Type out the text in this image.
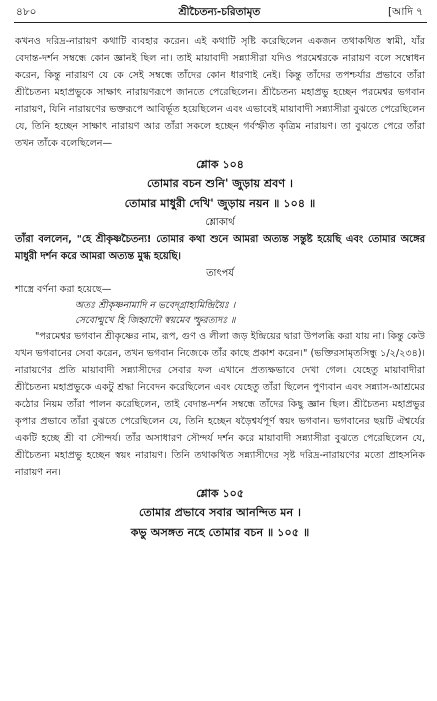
৪৮০	শ্রীচৈতন্য-চরিতামৃত	[আদি ৭

কখনও দরিদ্র-নারায়ণ কথাটি ব্যবহার করেন। এই কথাটি সৃষ্টি করেছিলেন একজন তথাকথিত স্বামী, যাঁর বেদান্ত-দর্শন সম্বন্ধে কোন জ্ঞানই ছিল না। তাই মায়াবাদী সন্ন্যাসীরা যদিও পরমেশ্বরকে নারায়ণ বলে সম্বোধন করেন, কিন্তু নারায়ণ যে কে সেই সম্বন্ধে তাঁদের কোন ধারণাই নেই। কিন্তু তাঁদের তপশ্চর্যার প্রভাবে তাঁরা শ্রীচৈতন্য মহাপ্রভুকে সাক্ষাৎ নারায়ণরূপে জানতে পেরেছিলেন। শ্রীচৈতন্য মহাপ্রভু হচ্ছেন পরমেশ্বর ভগবান নারায়ণ, যিনি নারায়ণের ভক্তরূপে আবির্ভূত হয়েছিলেন এবং এভাবেই মায়াবাদী সন্ন্যাসীরা বুঝতে পেরেছিলেন যে, তিনি হচ্ছেন সাক্ষাৎ নারায়ণ আর তাঁরা সকলে হচ্ছেন গর্বস্ফীত কৃত্রিম নারায়ণ। তা বুঝতে পেরে তাঁরা তখন তাঁকে বলেছিলেন—

শ্লোক ১০৪
তোমার বচন শুনি' জুড়ায় শ্রবণ ।
তোমার মাধুরী দেখি' জুড়ায় নয়ন ॥ ১০৪ ॥
শ্লোকার্থ
তাঁরা বললেন, "হে শ্রীকৃষ্ণচৈতন্য! তোমার কথা শুনে আমরা অত্যন্ত সন্তুষ্ট হয়েছি এবং তোমার অঙ্গের মাধুরী দর্শন করে আমরা অত্যন্ত মুগ্ধ হয়েছি।
তাৎপর্য
শাস্ত্রে বর্ণনা করা হয়েছে—
অতঃ শ্রীকৃষ্ণনামাদি ন ভবেদ্‌গ্রাহ্যমিন্দ্রিয়ৈঃ ।
সেবোন্মুখে হি জিহ্বাদৌ স্বয়মেব স্ফুরত্যদঃ ॥

"পরমেশ্বর ভগবান শ্রীকৃষ্ণের নাম, রূপ, গুণ ও লীলা জড় ইন্দ্রিয়ের দ্বারা উপলব্ধি করা যায় না। কিন্তু কেউ যখন ভগবানের সেবা করেন, তখন ভগবান নিজেকে তাঁর কাছে প্রকাশ করেন।" (ভক্তিরসামৃতসিন্ধু ১/২/২৩৪)। নারায়ণের প্রতি মায়াবাদী সন্ন্যাসীদের সেবার ফল এখানে প্রত্যক্ষভাবে দেখা গেল। যেহেতু মায়াবাদীরা শ্রীচৈতন্য মহাপ্রভুকে একটু শ্রদ্ধা নিবেদন করেছিলেন এবং যেহেতু তাঁরা ছিলেন পুণ্যবান এবং সন্ন্যাস-আশ্রমের কঠোর নিয়ম তাঁরা পালন করেছিলেন, তাই বেদান্ত-দর্শন সম্বন্ধে তাঁদের কিছু জ্ঞান ছিল। শ্রীচৈতন্য মহাপ্রভুর কৃপার প্রভাবে তাঁরা বুঝতে পেরেছিলেন যে, তিনি হচ্ছেন ষড়ৈশ্বর্যপূর্ণ স্বয়ং ভগবান। ভগবানের ছয়টি ঐশ্বর্যের একটি হচ্ছে শ্রী বা সৌন্দর্য। তাঁর অসাধারণ সৌন্দর্য দর্শন করে মায়াবাদী সন্ন্যাসীরা বুঝতে পেরেছিলেন যে, শ্রীচৈতন্য মহাপ্রভু হচ্ছেন স্বয়ং নারায়ণ। তিনি তথাকথিত সন্ন্যাসীদের সৃষ্ট দরিদ্র-নারায়ণের মতো প্রাহসনিক নারায়ণ নন।

শ্লোক ১০৫
তোমার প্রভাবে সবার আনন্দিত মন ।
কভু অসঙ্গত নহে তোমার বচন ॥ ১০৫ ॥
